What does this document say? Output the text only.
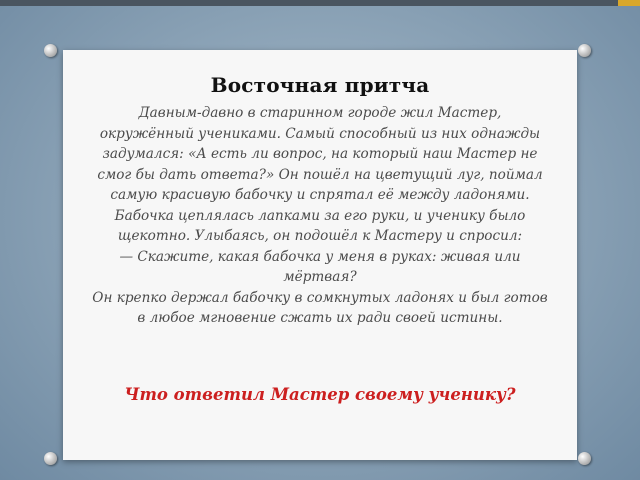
Восточная притча

Давным-давно в старинном городе жил Мастер, окружённый учениками. Самый способный из них однажды задумался: «А есть ли вопрос, на который наш Мастер не смог бы дать ответа?» Он пошёл на цветущий луг, поймал самую красивую бабочку и спрятал её между ладонями. Бабочка цеплялась лапками за его руки, и ученику было щекотно. Улыбаясь, он подошёл к Мастеру и спросил:

— Скажите, какая бабочка у меня в руках: живая или мёртвая?

Он крепко держал бабочку в сомкнутых ладонях и был готов в любое мгновение сжать их ради своей истины.

Что ответил Мастер своему ученику?
